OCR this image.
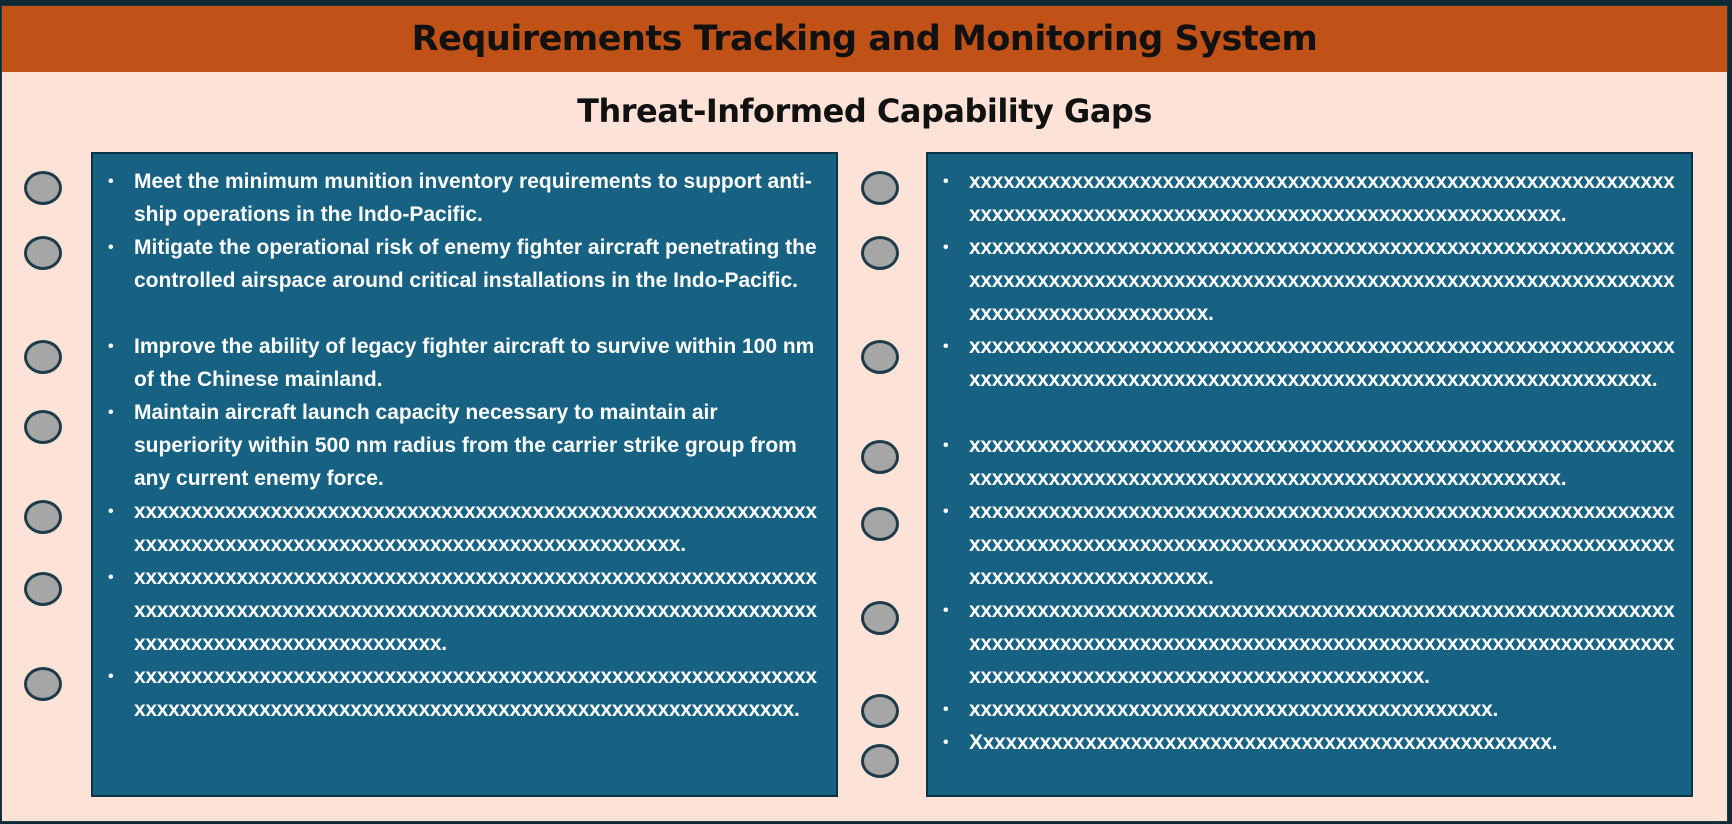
Requirements Tracking and Monitoring System
Threat-Informed Capability Gaps
• Meet the minimum munition inventory requirements to support anti-ship operations in the Indo-Pacific.
• Mitigate the operational risk of enemy fighter aircraft penetrating the controlled airspace around critical installations in the Indo-Pacific.
• Improve the ability of legacy fighter aircraft to survive within 100 nm of the Chinese mainland.
• Maintain aircraft launch capacity necessary to maintain air superiority within 500 nm radius from the carrier strike group from any current enemy force.
• xxxxxxxxxxxxxxxxxxxxxxxxxxxxxxxxxxxxxxxxxxxxxxxxxxxxxxxxxxxxxxxxxxxxxxxxxxxxxxxxxxxxxxxxxxxxxxxxxxxxxxxxxxxx.
• xxxxxxxxxxxxxxxxxxxxxxxxxxxxxxxxxxxxxxxxxxxxxxxxxxxxxxxxxxxxxxxxxxxxxxxxxxxxxxxxxxxxxxxxxxxxxxxxxxxxxxxxxxxxxxxxxxxxxxxxxxxxxxxxxxxxxxxxxxxxxxxxxxx.
• xxxxxxxxxxxxxxxxxxxxxxxxxxxxxxxxxxxxxxxxxxxxxxxxxxxxxxxxxxxxxxxxxxxxxxxxxxxxxxxxxxxxxxxxxxxxxxxxxxxxxxxxxxxxxxxxxxxxxx.
• xxxxxxxxxxxxxxxxxxxxxxxxxxxxxxxxxxxxxxxxxxxxxxxxxxxxxxxxxxxxxxxxxxxxxxxxxxxxxxxxxxxxxxxxxxxxxxxxxxxxxxxxxxxxxxxxxx.
• xxxxxxxxxxxxxxxxxxxxxxxxxxxxxxxxxxxxxxxxxxxxxxxxxxxxxxxxxxxxxxxxxxxxxxxxxxxxxxxxxxxxxxxxxxxxxxxxxxxxxxxxxxxxxxxxxxxxxxxxxxxxxxxxxxxxxxxxxxxxxxxxx.
• xxxxxxxxxxxxxxxxxxxxxxxxxxxxxxxxxxxxxxxxxxxxxxxxxxxxxxxxxxxxxxxxxxxxxxxxxxxxxxxxxxxxxxxxxxxxxxxxxxxxxxxxxxxxxxxxxxxxxxxxxx.
• xxxxxxxxxxxxxxxxxxxxxxxxxxxxxxxxxxxxxxxxxxxxxxxxxxxxxxxxxxxxxxxxxxxxxxxxxxxxxxxxxxxxxxxxxxxxxxxxxxxxxxxxxxxxxxxxxx.
• xxxxxxxxxxxxxxxxxxxxxxxxxxxxxxxxxxxxxxxxxxxxxxxxxxxxxxxxxxxxxxxxxxxxxxxxxxxxxxxxxxxxxxxxxxxxxxxxxxxxxxxxxxxxxxxxxxxxxxxxxxxxxxxxxxxxxxxxxxxxxxxxx.
• xxxxxxxxxxxxxxxxxxxxxxxxxxxxxxxxxxxxxxxxxxxxxxxxxxxxxxxxxxxxxxxxxxxxxxxxxxxxxxxxxxxxxxxxxxxxxxxxxxxxxxxxxxxxxxxxxxxxxxxxxxxxxxxxxxxxxxxxxxxxxxxxxxxxxxxxxxxxxxxxxxxx.
• xxxxxxxxxxxxxxxxxxxxxxxxxxxxxxxxxxxxxxxxxxxxxx.
• Xxxxxxxxxxxxxxxxxxxxxxxxxxxxxxxxxxxxxxxxxxxxxxxxxxx.
